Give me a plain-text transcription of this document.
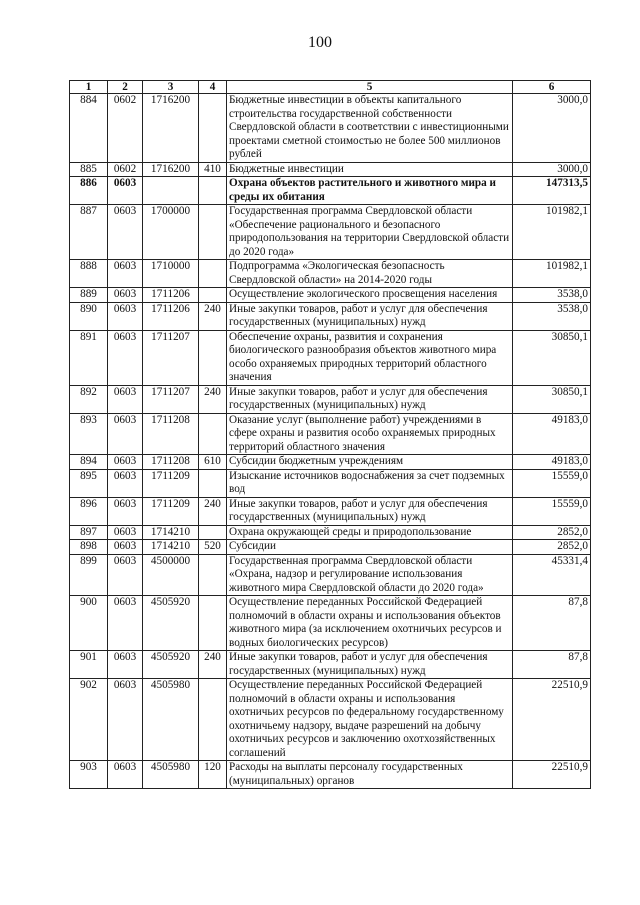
100
1	2	3	4	5	6
884	0602	1716200		Бюджетные инвестиции в объекты капитального строительства государственной собственности Свердловской области в соответствии с инвестиционными проектами сметной стоимостью не более 500 миллионов рублей	3000,0
885	0602	1716200	410	Бюджетные инвестиции	3000,0
886	0603			Охрана объектов растительного и животного мира и среды их обитания	147313,5
887	0603	1700000		Государственная программа Свердловской области «Обеспечение рационального и безопасного природопользования на территории Свердловской области до 2020 года»	101982,1
888	0603	1710000		Подпрограмма «Экологическая безопасность Свердловской области» на 2014-2020 годы	101982,1
889	0603	1711206		Осуществление экологического просвещения населения	3538,0
890	0603	1711206	240	Иные закупки товаров, работ и услуг для обеспечения государственных (муниципальных) нужд	3538,0
891	0603	1711207		Обеспечение охраны, развития и сохранения биологического разнообразия объектов животного мира особо охраняемых природных территорий областного значения	30850,1
892	0603	1711207	240	Иные закупки товаров, работ и услуг для обеспечения государственных (муниципальных) нужд	30850,1
893	0603	1711208		Оказание услуг (выполнение работ) учреждениями в сфере охраны и развития особо охраняемых природных территорий областного значения	49183,0
894	0603	1711208	610	Субсидии бюджетным учреждениям	49183,0
895	0603	1711209		Изыскание источников водоснабжения за счет подземных вод	15559,0
896	0603	1711209	240	Иные закупки товаров, работ и услуг для обеспечения государственных (муниципальных) нужд	15559,0
897	0603	1714210		Охрана окружающей среды и природопользование	2852,0
898	0603	1714210	520	Субсидии	2852,0
899	0603	4500000		Государственная программа Свердловской области «Охрана, надзор и регулирование использования животного мира Свердловской области до 2020 года»	45331,4
900	0603	4505920		Осуществление переданных Российской Федерацией полномочий в области охраны и использования объектов животного мира (за исключением охотничьих ресурсов и водных биологических ресурсов)	87,8
901	0603	4505920	240	Иные закупки товаров, работ и услуг для обеспечения государственных (муниципальных) нужд	87,8
902	0603	4505980		Осуществление переданных Российской Федерацией полномочий в области охраны и использования охотничьих ресурсов по федеральному государственному охотничьему надзору, выдаче разрешений на добычу охотничьих ресурсов и заключению охотхозяйственных соглашений	22510,9
903	0603	4505980	120	Расходы на выплаты персоналу государственных (муниципальных) органов	22510,9
